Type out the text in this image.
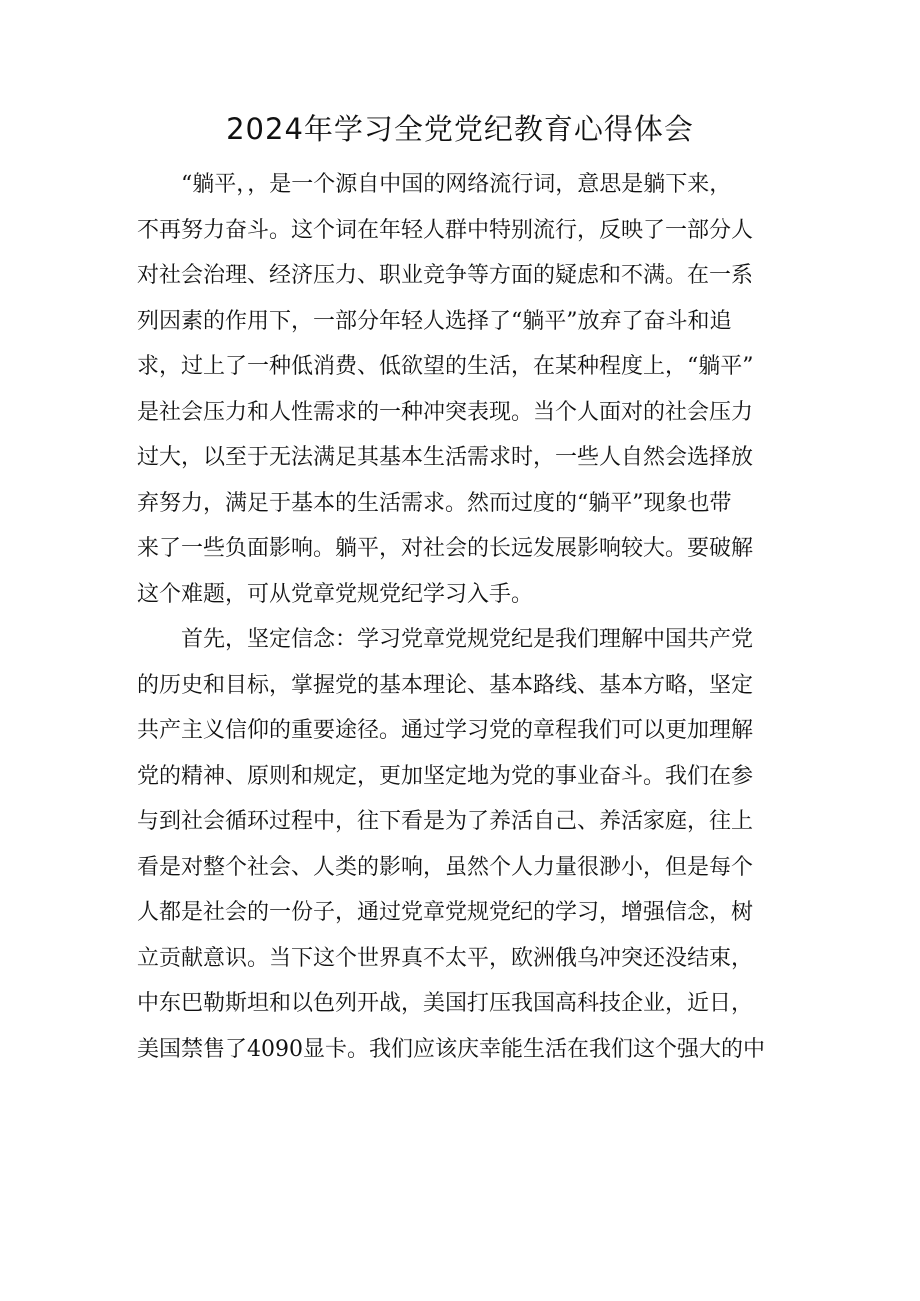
2024年学习全党党纪教育心得体会
“躺平，，是一个源自中国的网络流行词，意思是躺下来，
不再努力奋斗。这个词在年轻人群中特别流行，反映了一部分人
对社会治理、经济压力、职业竞争等方面的疑虑和不满。在一系
列因素的作用下，一部分年轻人选择了“躺平”放弃了奋斗和追
求，过上了一种低消费、低欲望的生活，在某种程度上，“躺平”
是社会压力和人性需求的一种冲突表现。当个人面对的社会压力
过大，以至于无法满足其基本生活需求时，一些人自然会选择放
弃努力，满足于基本的生活需求。然而过度的“躺平”现象也带
来了一些负面影响。躺平，对社会的长远发展影响较大。要破解
这个难题，可从党章党规党纪学习入手。
首先，坚定信念：学习党章党规党纪是我们理解中国共产党
的历史和目标，掌握党的基本理论、基本路线、基本方略，坚定
共产主义信仰的重要途径。通过学习党的章程我们可以更加理解
党的精神、原则和规定，更加坚定地为党的事业奋斗。我们在参
与到社会循环过程中，往下看是为了养活自己、养活家庭，往上
看是对整个社会、人类的影响，虽然个人力量很渺小，但是每个
人都是社会的一份子，通过党章党规党纪的学习，增强信念，树
立贡献意识。当下这个世界真不太平，欧洲俄乌冲突还没结束，
中东巴勒斯坦和以色列开战，美国打压我国高科技企业，近日，
美国禁售了4090显卡。我们应该庆幸能生活在我们这个强大的中
